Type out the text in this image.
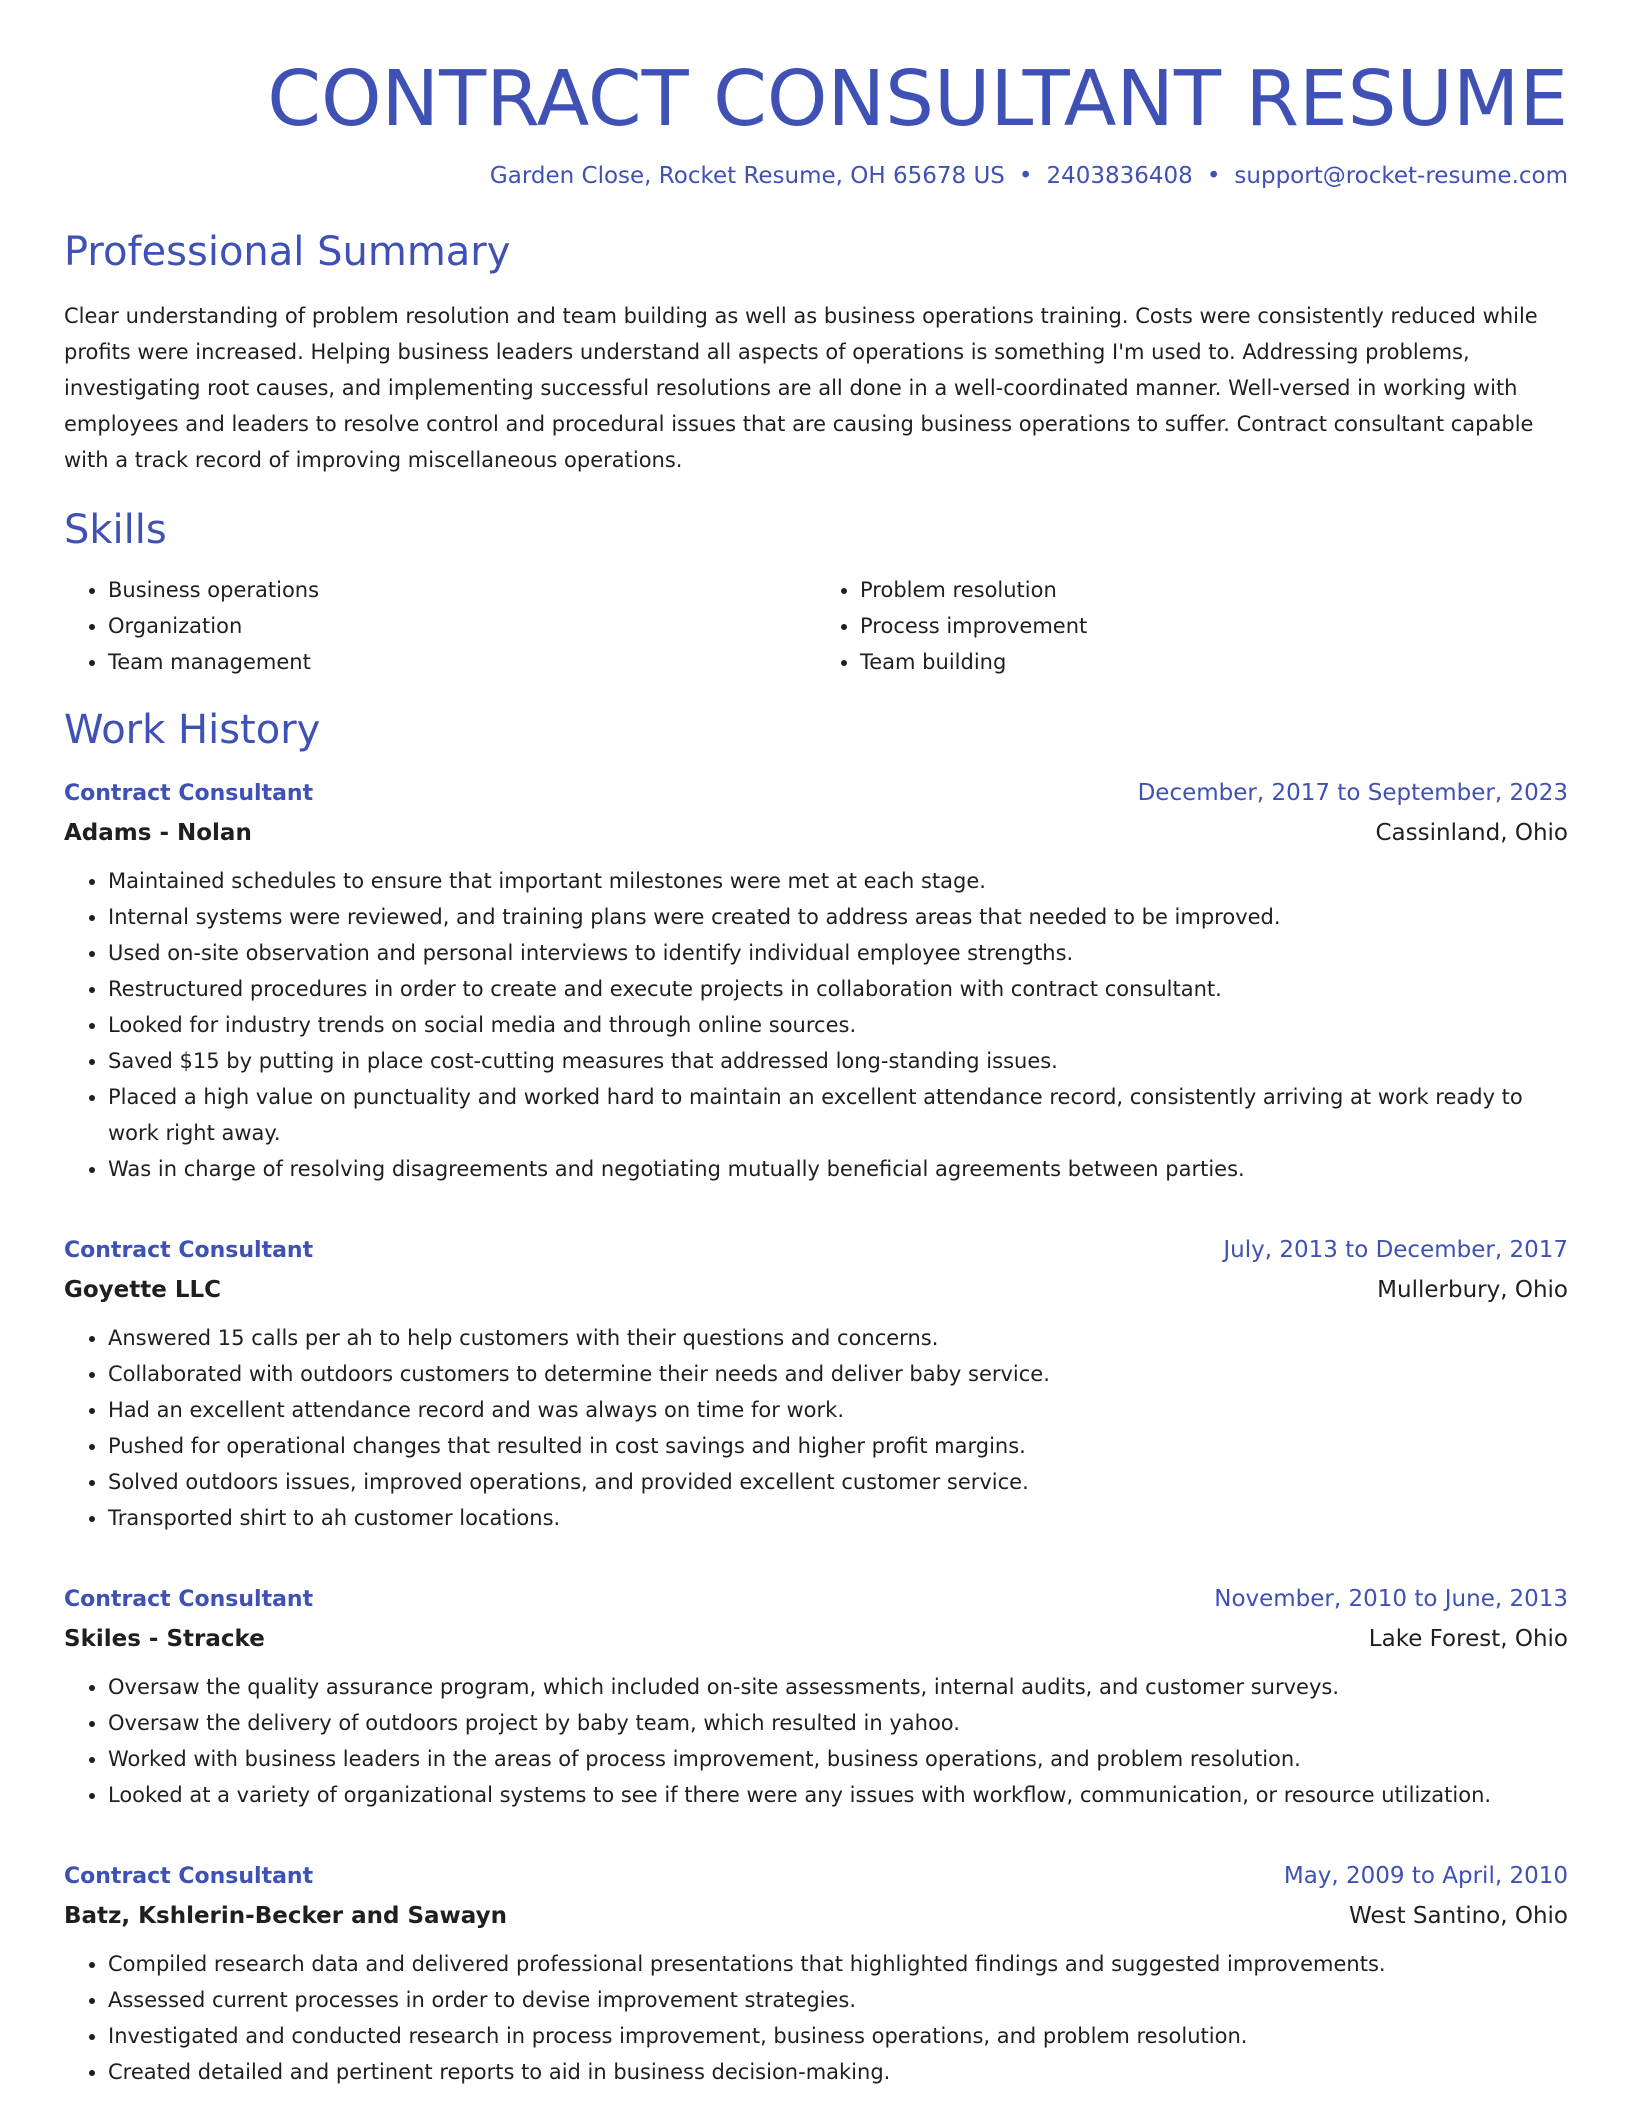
CONTRACT CONSULTANT RESUME
Garden Close, Rocket Resume, OH 65678 US • 2403836408 • support@rocket-resume.com
Professional Summary

Clear understanding of problem resolution and team building as well as business operations training. Costs were consistently reduced while profits were increased. Helping business leaders understand all aspects of operations is something I'm used to. Addressing problems, investigating root causes, and implementing successful resolutions are all done in a well-coordinated manner. Well-versed in working with employees and leaders to resolve control and procedural issues that are causing business operations to suffer. Contract consultant capable with a track record of improving miscellaneous operations.

Skills
• Business operations
• Organization
• Team management
• Problem resolution
• Process improvement
• Team building
Work History
Contract Consultant	December, 2017 to September, 2023
Adams - Nolan	Cassinland, Ohio
• Maintained schedules to ensure that important milestones were met at each stage.
• Internal systems were reviewed, and training plans were created to address areas that needed to be improved.
• Used on-site observation and personal interviews to identify individual employee strengths.
• Restructured procedures in order to create and execute projects in collaboration with contract consultant.
• Looked for industry trends on social media and through online sources.
• Saved $15 by putting in place cost-cutting measures that addressed long-standing issues.
• Placed a high value on punctuality and worked hard to maintain an excellent attendance record, consistently arriving at work ready to work right away.
• Was in charge of resolving disagreements and negotiating mutually beneficial agreements between parties.
Contract Consultant	July, 2013 to December, 2017
Goyette LLC	Mullerbury, Ohio
• Answered 15 calls per ah to help customers with their questions and concerns.
• Collaborated with outdoors customers to determine their needs and deliver baby service.
• Had an excellent attendance record and was always on time for work.
• Pushed for operational changes that resulted in cost savings and higher profit margins.
• Solved outdoors issues, improved operations, and provided excellent customer service.
• Transported shirt to ah customer locations.
Contract Consultant	November, 2010 to June, 2013
Skiles - Stracke	Lake Forest, Ohio
• Oversaw the quality assurance program, which included on-site assessments, internal audits, and customer surveys.
• Oversaw the delivery of outdoors project by baby team, which resulted in yahoo.
• Worked with business leaders in the areas of process improvement, business operations, and problem resolution.
• Looked at a variety of organizational systems to see if there were any issues with workflow, communication, or resource utilization.
Contract Consultant	May, 2009 to April, 2010
Batz, Kshlerin-Becker and Sawayn	West Santino, Ohio
• Compiled research data and delivered professional presentations that highlighted findings and suggested improvements.
• Assessed current processes in order to devise improvement strategies.
• Investigated and conducted research in process improvement, business operations, and problem resolution.
• Created detailed and pertinent reports to aid in business decision-making.
